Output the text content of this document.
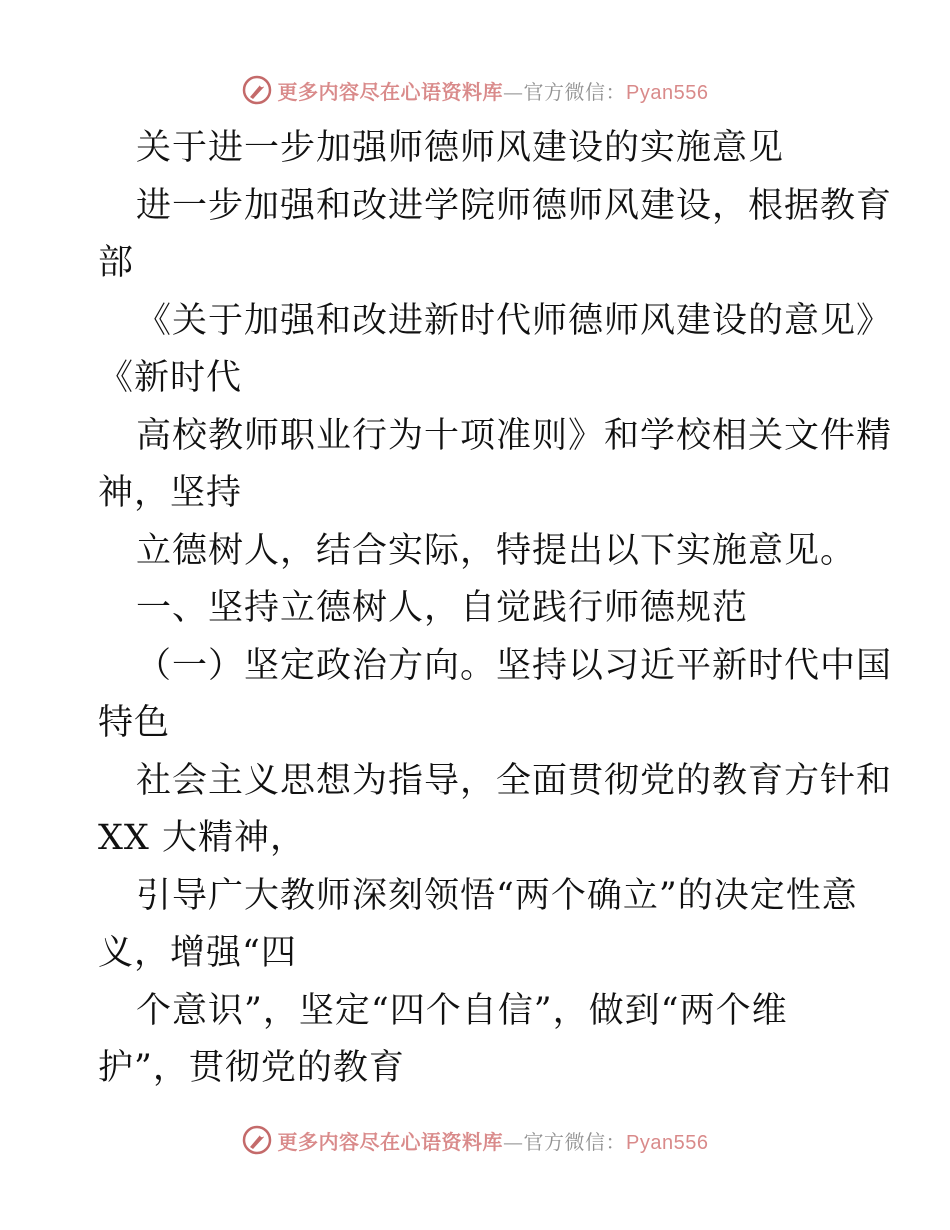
更多内容尽在心语资料库—官方微信：Pyan556
关于进一步加强师德师风建设的实施意见
进一步加强和改进学院师德师风建设，根据教育
部
《关于加强和改进新时代师德师风建设的意见》
《新时代
高校教师职业行为十项准则》和学校相关文件精
神，坚持
立德树人，结合实际，特提出以下实施意见。
一、坚持立德树人，自觉践行师德规范
（一）坚定政治方向。坚持以习近平新时代中国
特色
社会主义思想为指导，全面贯彻党的教育方针和
XX 大精神，
引导广大教师深刻领悟“两个确立”的决定性意
义，增强“四
个意识”，坚定“四个自信”，做到“两个维
护”，贯彻党的教育
更多内容尽在心语资料库—官方微信：Pyan556
